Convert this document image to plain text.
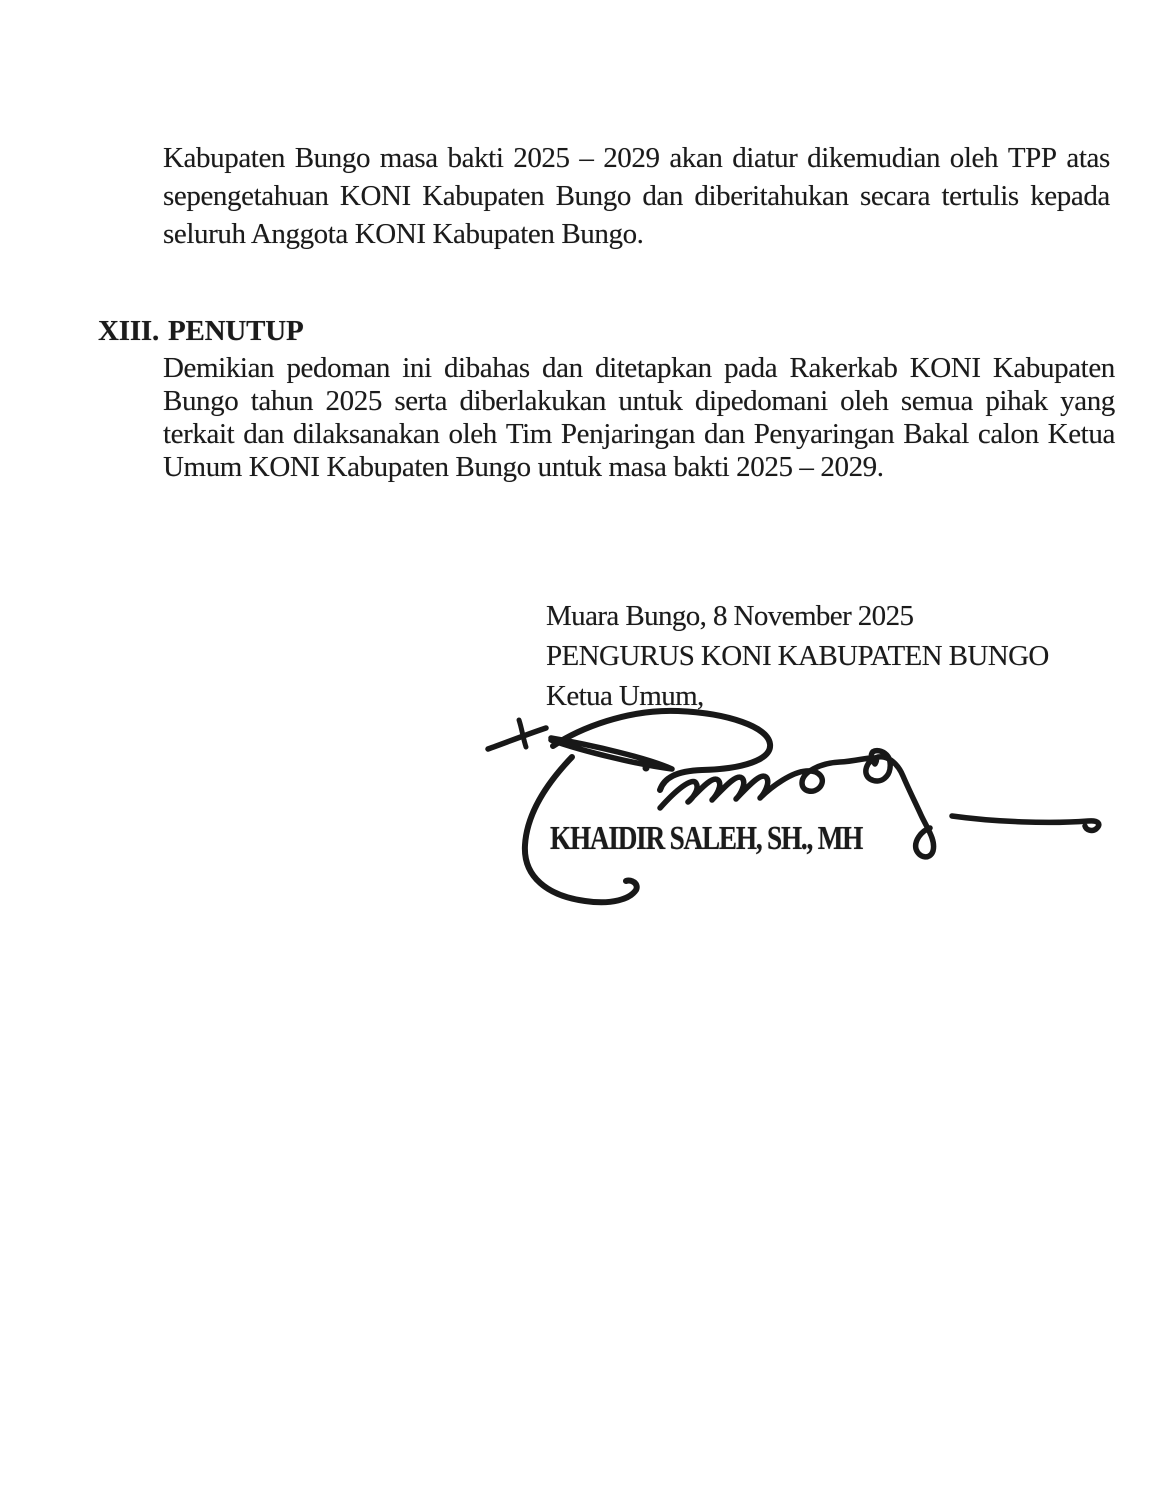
Kabupaten Bungo masa bakti 2025 – 2029 akan diatur dikemudian oleh TPP atas
sepengetahuan KONI Kabupaten Bungo dan diberitahukan secara tertulis kepada
seluruh Anggota KONI Kabupaten Bungo.
XIII. PENUTUP
Demikian pedoman ini dibahas dan ditetapkan pada Rakerkab KONI Kabupaten
Bungo tahun 2025 serta diberlakukan untuk dipedomani oleh semua pihak yang
terkait dan dilaksanakan oleh Tim Penjaringan dan Penyaringan Bakal calon Ketua
Umum KONI Kabupaten Bungo untuk masa bakti 2025 – 2029.
Muara Bungo, 8 November 2025
PENGURUS KONI KABUPATEN BUNGO
Ketua Umum,
KHAIDIR SALEH, SH., MH
